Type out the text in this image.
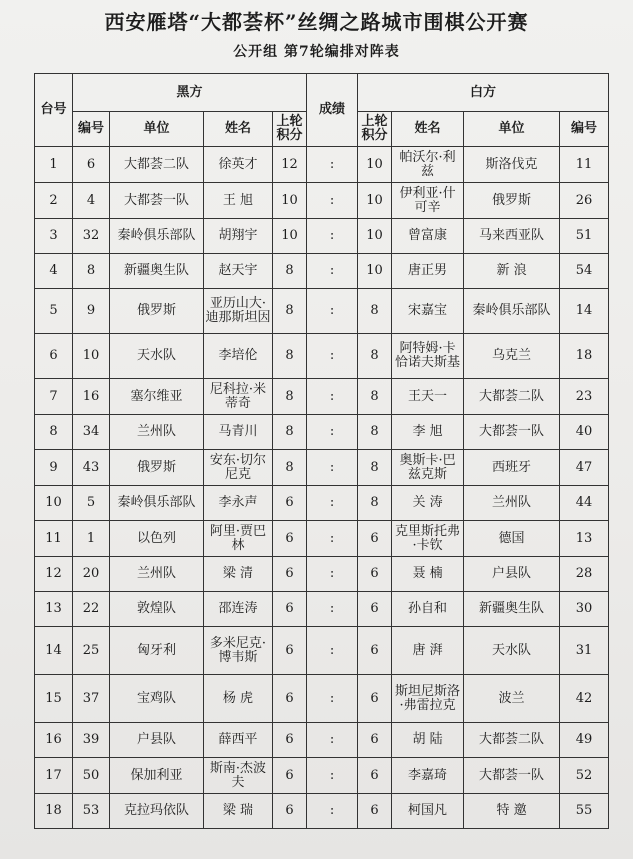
西安雁塔“大都荟杯”丝绸之路城市围棋公开赛
公开组 第7轮编排对阵表
台号	黑方				成绩	白方			
	编号	单位	姓名	上轮积分		上轮积分	姓名	单位	编号
1	6	大都荟二队	徐英才	12	:	10	帕沃尔·利兹	斯洛伐克	11
2	4	大都荟一队	王 旭	10	:	10	伊利亚·什可辛	俄罗斯	26
3	32	秦岭俱乐部队	胡翔宇	10	:	10	曾富康	马来西亚队	51
4	8	新疆奥生队	赵天宇	8	:	10	唐正男	新 浪	54
5	9	俄罗斯	亚历山大·迪那斯坦因	8	:	8	宋嘉宝	秦岭俱乐部队	14
6	10	天水队	李培伦	8	:	8	阿特姆·卡恰诺夫斯基	乌克兰	18
7	16	塞尔维亚	尼科拉·米蒂奇	8	:	8	王天一	大都荟二队	23
8	34	兰州队	马青川	8	:	8	李 旭	大都荟一队	40
9	43	俄罗斯	安东·切尔尼克	8	:	8	奥斯卡·巴兹克斯	西班牙	47
10	5	秦岭俱乐部队	李永声	6	:	8	关 涛	兰州队	44
11	1	以色列	阿里·贾巴林	6	:	6	克里斯托弗·卡钦	德国	13
12	20	兰州队	梁 清	6	:	6	聂 楠	户县队	28
13	22	敦煌队	邵连涛	6	:	6	孙自和	新疆奥生队	30
14	25	匈牙利	多米尼克·博韦斯	6	:	6	唐 湃	天水队	31
15	37	宝鸡队	杨 虎	6	:	6	斯坦尼斯洛·弗雷拉克	波兰	42
16	39	户县队	薛西平	6	:	6	胡 陆	大都荟二队	49
17	50	保加利亚	斯南·杰波夫	6	:	6	李嘉琦	大都荟一队	52
18	53	克拉玛依队	梁 瑞	6	:	6	柯国凡	特 邀	55
